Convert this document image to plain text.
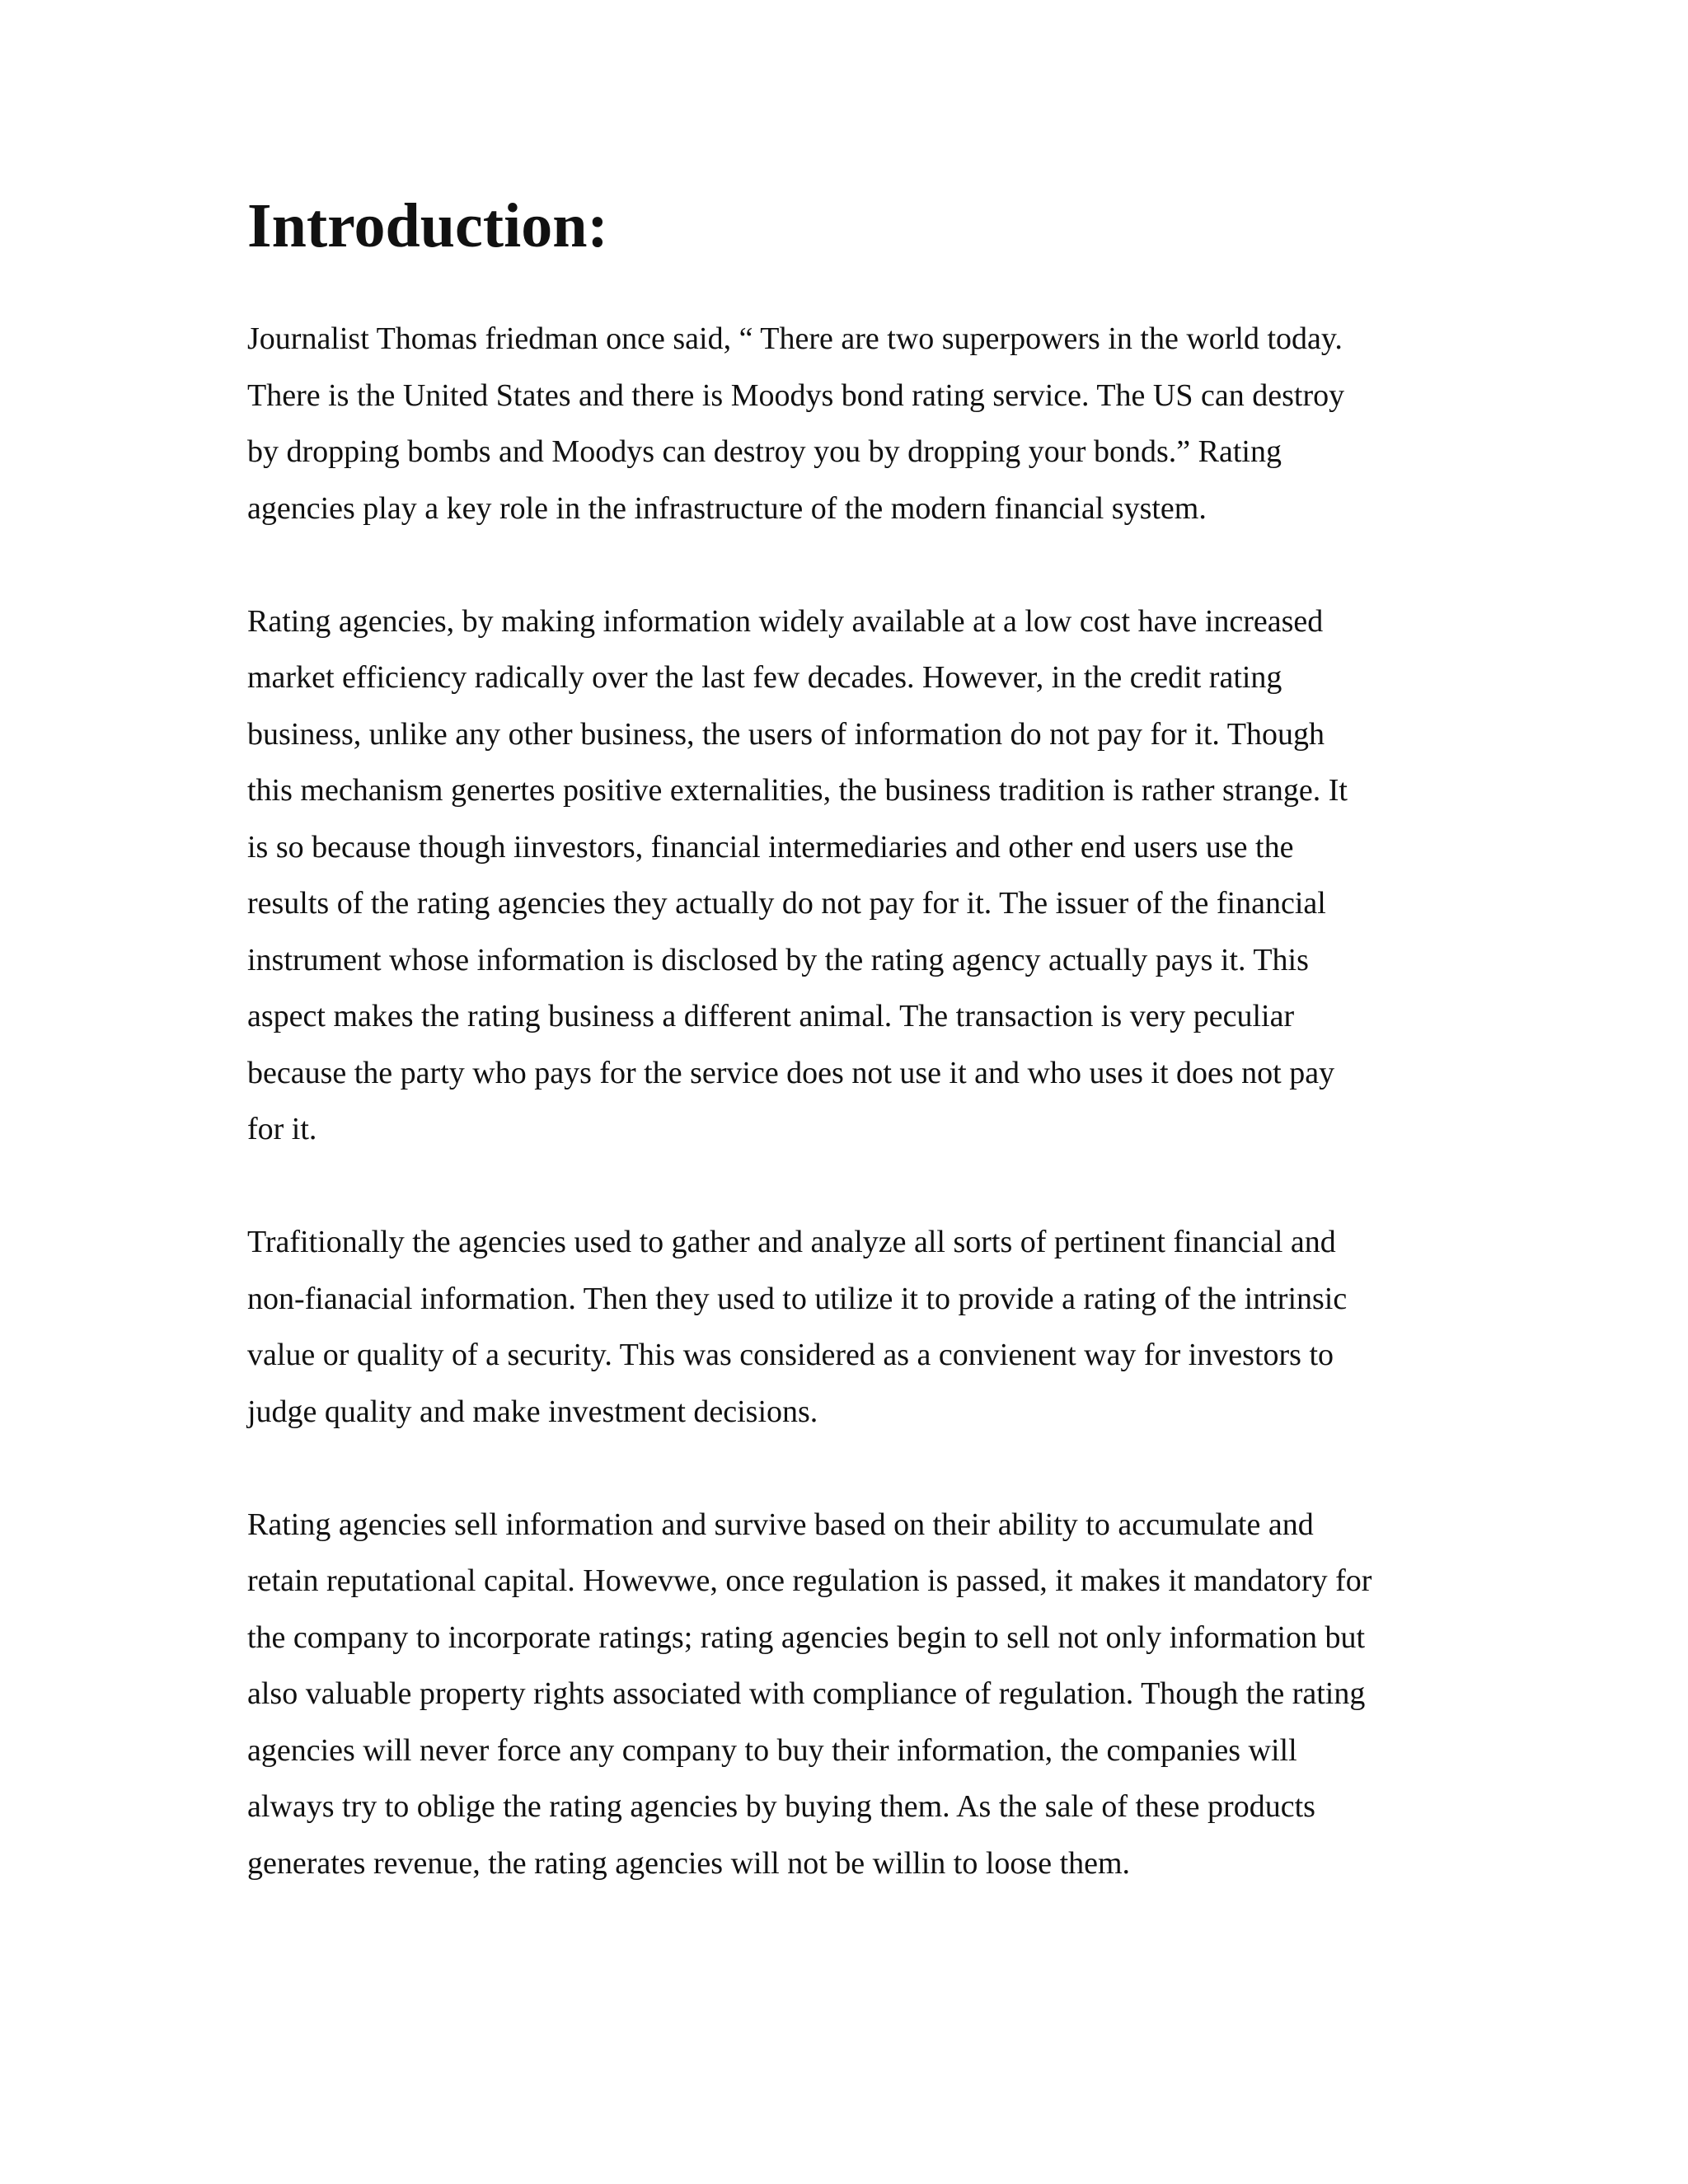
Introduction:

Journalist Thomas friedman once said, “ There are two superpowers in the world today.
There is the United States and there is Moodys bond rating service. The US can destroy
by dropping bombs and Moodys can destroy you by dropping your bonds.” Rating
agencies play a key role in the infrastructure of the modern financial system.

Rating agencies, by making information widely available at a low cost have increased
market efficiency radically over the last few decades. However, in the credit rating
business, unlike any other business, the users of information do not pay for it. Though
this mechanism genertes positive externalities, the business tradition is rather strange. It
is so because though iinvestors, financial intermediaries and other end users use the
results of the rating agencies they actually do not pay for it. The issuer of the financial
instrument whose information is disclosed by the rating agency actually pays it. This
aspect makes the rating business a different animal. The transaction is very peculiar
because the party who pays for the service does not use it and who uses it does not pay
for it.

Trafitionally the agencies used to gather and analyze all sorts of pertinent financial and
non-fianacial information. Then they used to utilize it to provide a rating of the intrinsic
value or quality of a security. This was considered as a convienent way for investors to
judge quality and make investment decisions.

Rating agencies sell information and survive based on their ability to accumulate and
retain reputational capital. Howevwe, once regulation is passed, it makes it mandatory for
the company to incorporate ratings; rating agencies begin to sell not only information but
also valuable property rights associated with compliance of regulation. Though the rating
agencies will never force any company to buy their information, the companies will
always try to oblige the rating agencies by buying them. As the sale of these products
generates revenue, the rating agencies will not be willin to loose them.
